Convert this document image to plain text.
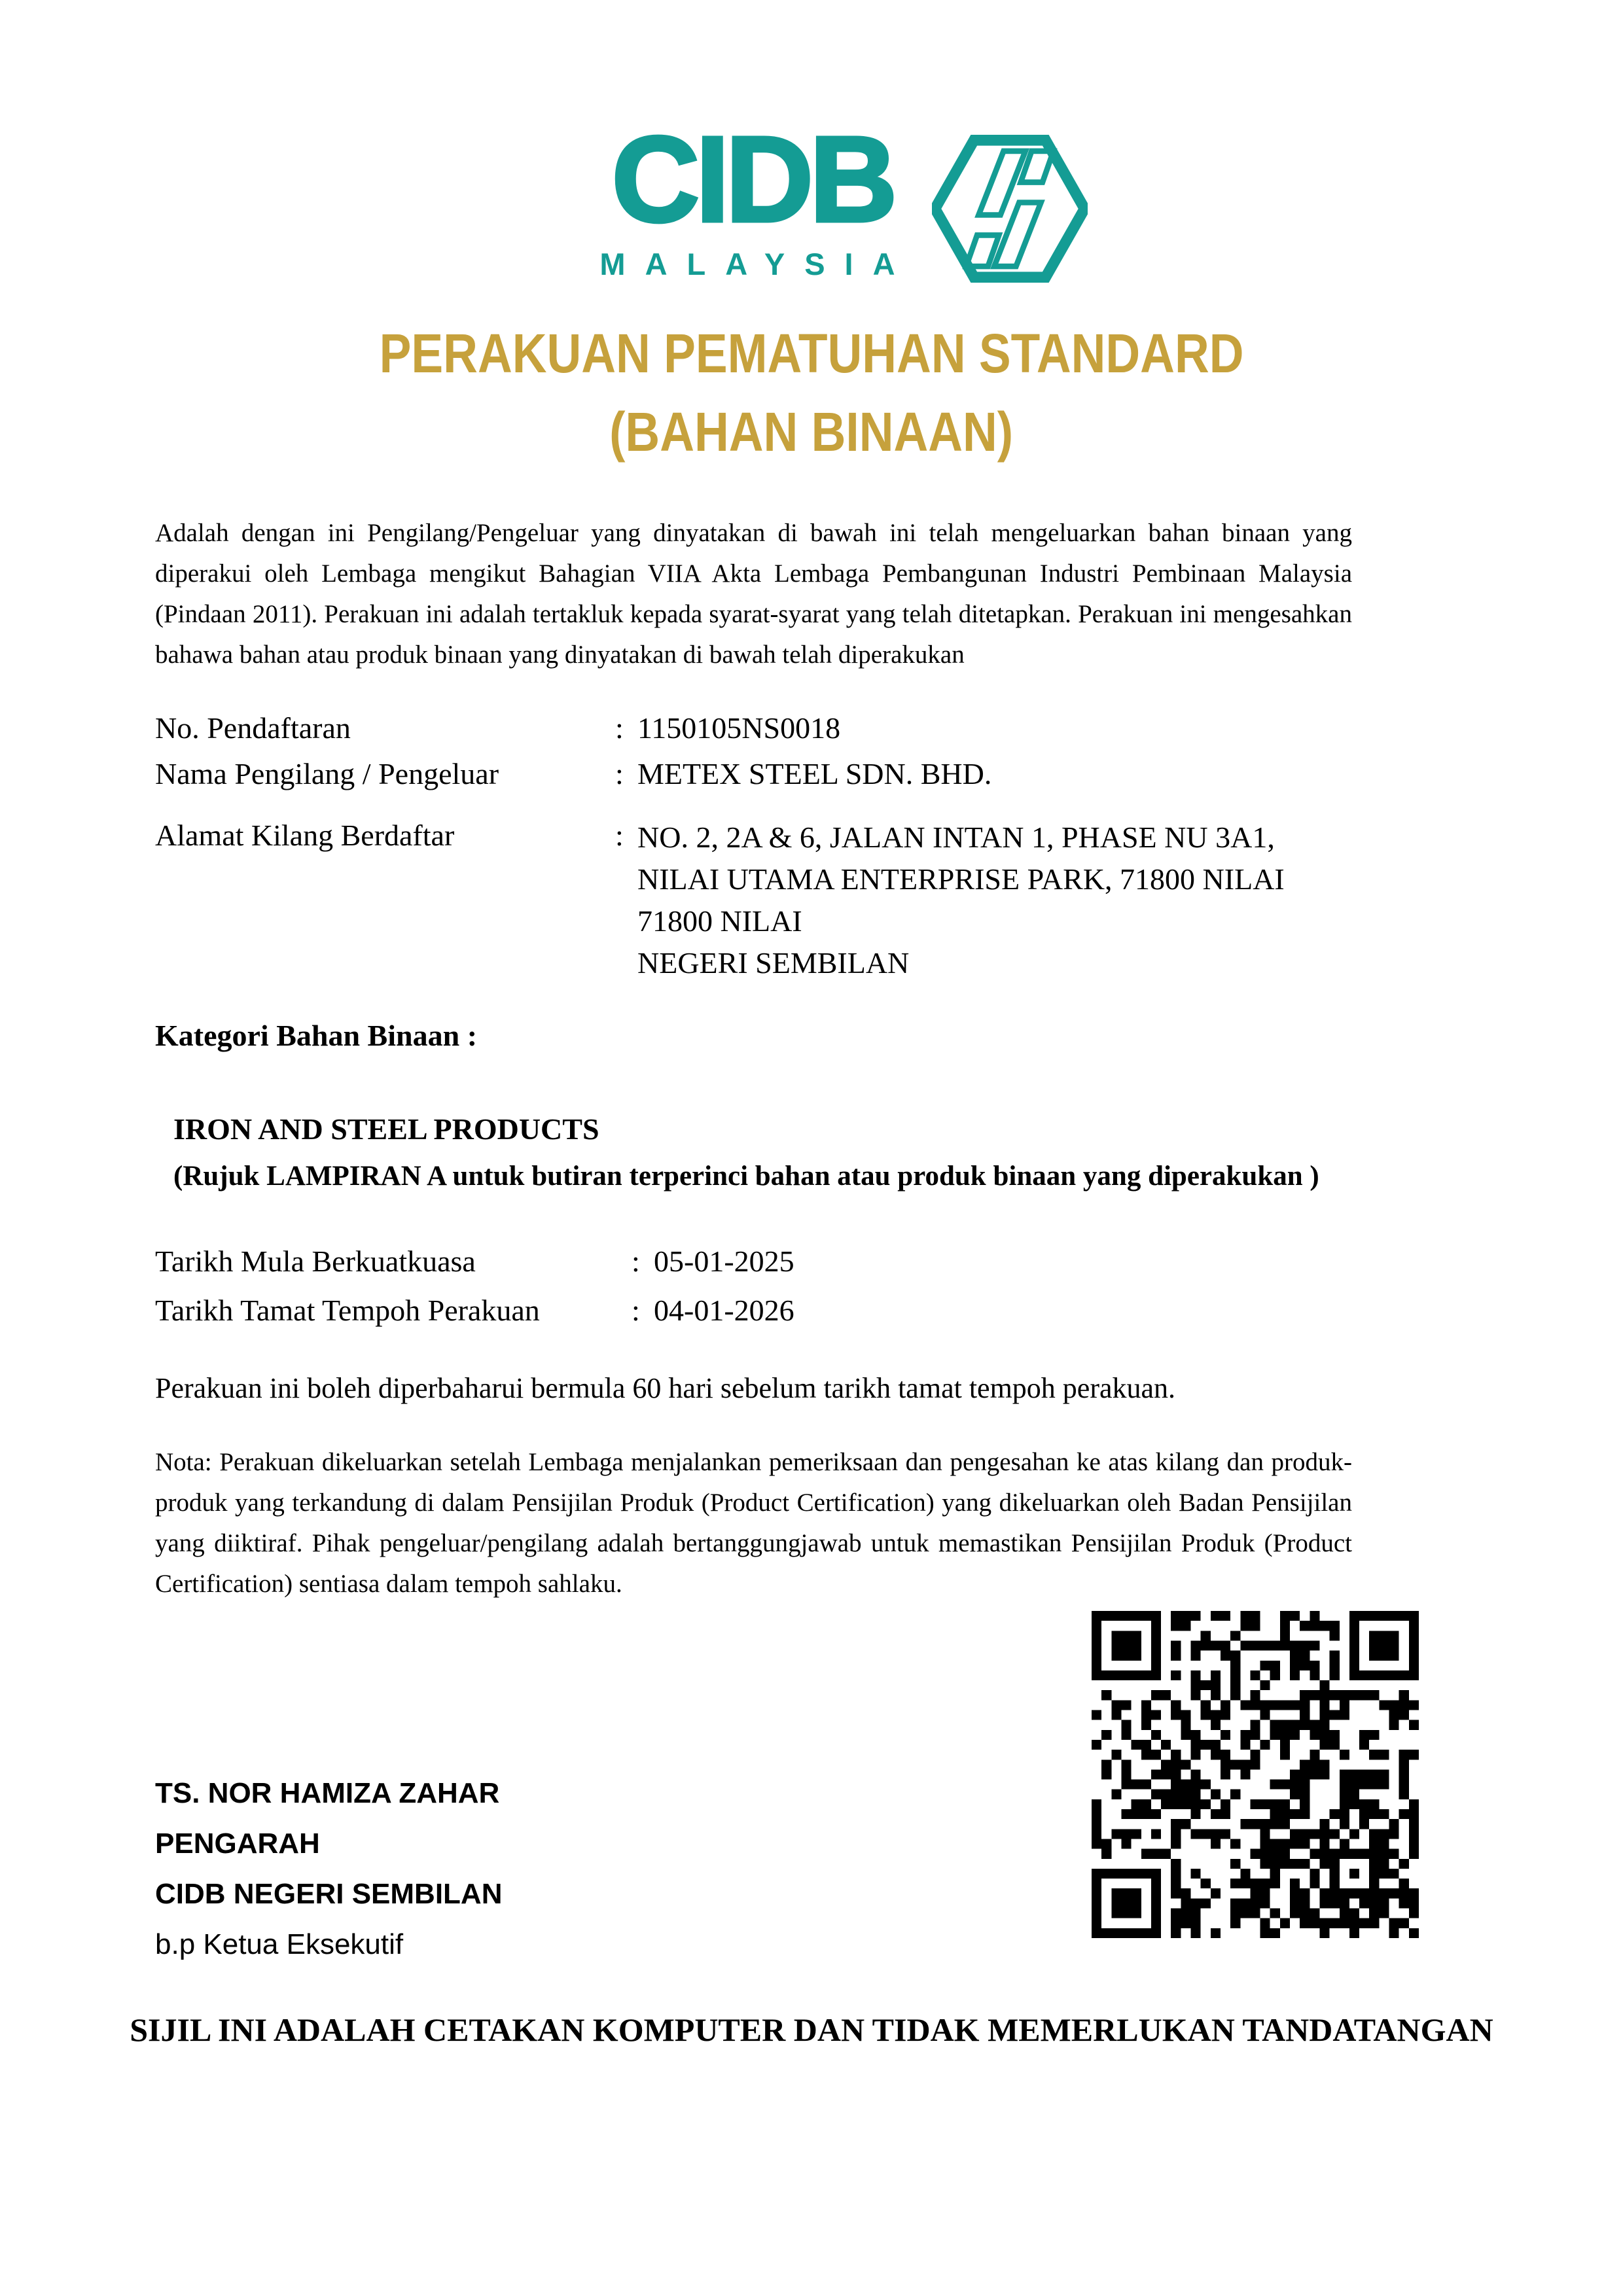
CIDB
MALAYSIA
PERAKUAN PEMATUHAN STANDARD
(BAHAN BINAAN)

Adalah dengan ini Pengilang/Pengeluar yang dinyatakan di bawah ini telah mengeluarkan bahan binaan yang diperakui oleh Lembaga mengikut Bahagian VIIA Akta Lembaga Pembangunan Industri Pembinaan Malaysia (Pindaan 2011). Perakuan ini adalah tertakluk kepada syarat-syarat yang telah ditetapkan. Perakuan ini mengesahkan bahawa bahan atau produk binaan yang dinyatakan di bawah telah diperakukan

No. Pendaftaran	: 1150105NS0018
Nama Pengilang / Pengeluar	: METEX STEEL SDN. BHD.
Alamat Kilang Berdaftar	: NO. 2, 2A & 6, JALAN INTAN 1, PHASE NU 3A1,
NILAI UTAMA ENTERPRISE PARK, 71800 NILAI
71800 NILAI
NEGERI SEMBILAN
Kategori Bahan Binaan :
IRON AND STEEL PRODUCTS
(Rujuk LAMPIRAN A untuk butiran terperinci bahan atau produk binaan yang diperakukan )
Tarikh Mula Berkuatkuasa	: 05-01-2025
Tarikh Tamat Tempoh Perakuan	: 04-01-2026

Perakuan ini boleh diperbaharui bermula 60 hari sebelum tarikh tamat tempoh perakuan.

Nota: Perakuan dikeluarkan setelah Lembaga menjalankan pemeriksaan dan pengesahan ke atas kilang dan produk-produk yang terkandung di dalam Pensijilan Produk (Product Certification) yang dikeluarkan oleh Badan Pensijilan yang diiktiraf. Pihak pengeluar/pengilang adalah bertanggungjawab untuk memastikan Pensijilan Produk (Product Certification) sentiasa dalam tempoh sahlaku.

TS. NOR HAMIZA ZAHAR
PENGARAH
CIDB NEGERI SEMBILAN
b.p Ketua Eksekutif
SIJIL INI ADALAH CETAKAN KOMPUTER DAN TIDAK MEMERLUKAN TANDATANGAN
